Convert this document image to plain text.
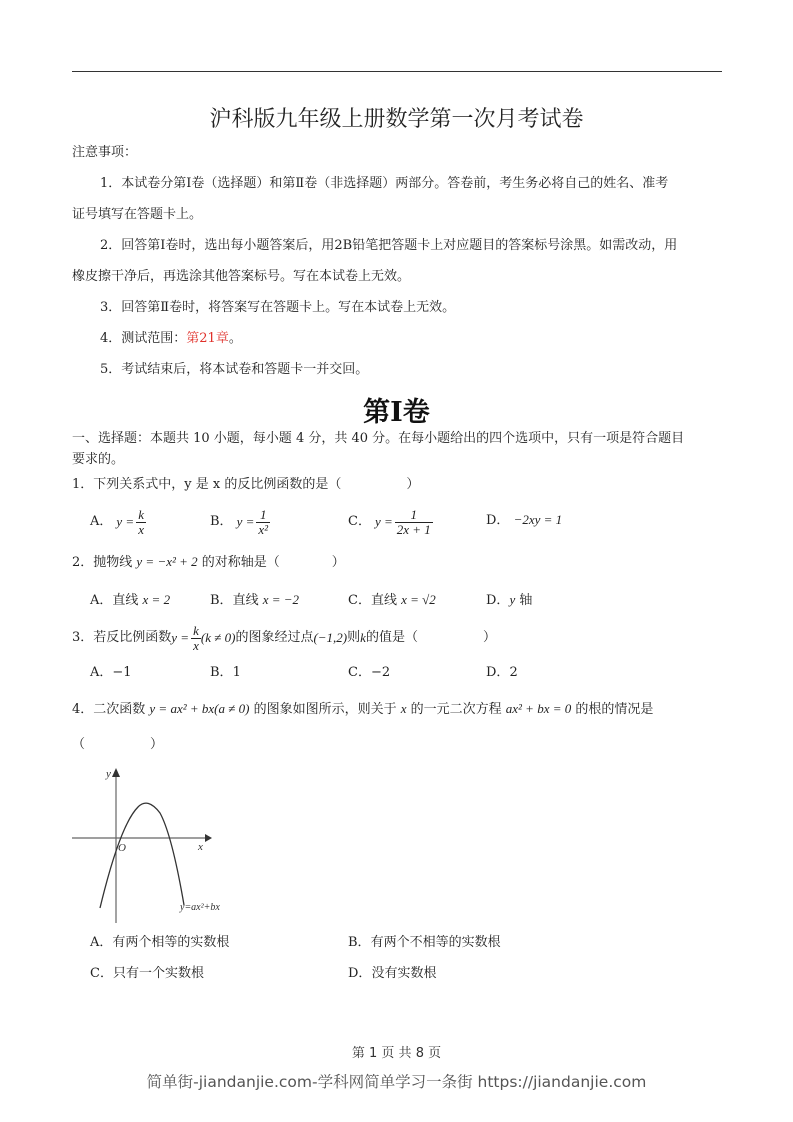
沪科版九年级上册数学第一次月考试卷
注意事项：
1．本试卷分第Ⅰ卷（选择题）和第Ⅱ卷（非选择题）两部分。答卷前，考生务必将自己的姓名、准考
证号填写在答题卡上。
2．回答第Ⅰ卷时，选出每小题答案后，用2B铅笔把答题卡上对应题目的答案标号涂黑。如需改动，用
橡皮擦干净后，再选涂其他答案标号。写在本试卷上无效。
3．回答第Ⅱ卷时，将答案写在答题卡上。写在本试卷上无效。
4．测试范围：第21章。
5．考试结束后，将本试卷和答题卡一并交回。
第Ⅰ卷
一、选择题：本题共 10 小题，每小题 4 分，共 40 分。在每小题给出的四个选项中，只有一项是符合题目
要求的。
1．下列关系式中，y 是 x 的反比例函数的是（　　　　　）
A． $y = \frac{k}{x}$	B． $y = \frac{1}{\text{x²}}$	C． $y = \frac{1}{2x + 1}$	D． −2xy = 1
2．抛物线 y = −x² + 2 的对称轴是（　　　　）
A．直线 x = 2	B．直线 x = −2	C．直线 x = √2	D．y 轴
3．若反比例函数 $y = \frac{k}{x} (k \ne 0)$ 的图象经过点 (−1,2) 则 k 的值是（　　　　　）
A．−1	B．1	C．−2	D．2
4．二次函数 y = ax² + bx(a ≠ 0) 的图象如图所示，则关于 x 的一元二次方程 ax² + bx = 0 的根的情况是
（　　　　　）
y
x
O
y=ax²+bx
A．有两个相等的实数根	B．有两个不相等的实数根
C．只有一个实数根	D．没有实数根
第 1 页 共 8 页
简单街-jiandanjie.com-学科网简单学习一条街 https://jiandanjie.com
